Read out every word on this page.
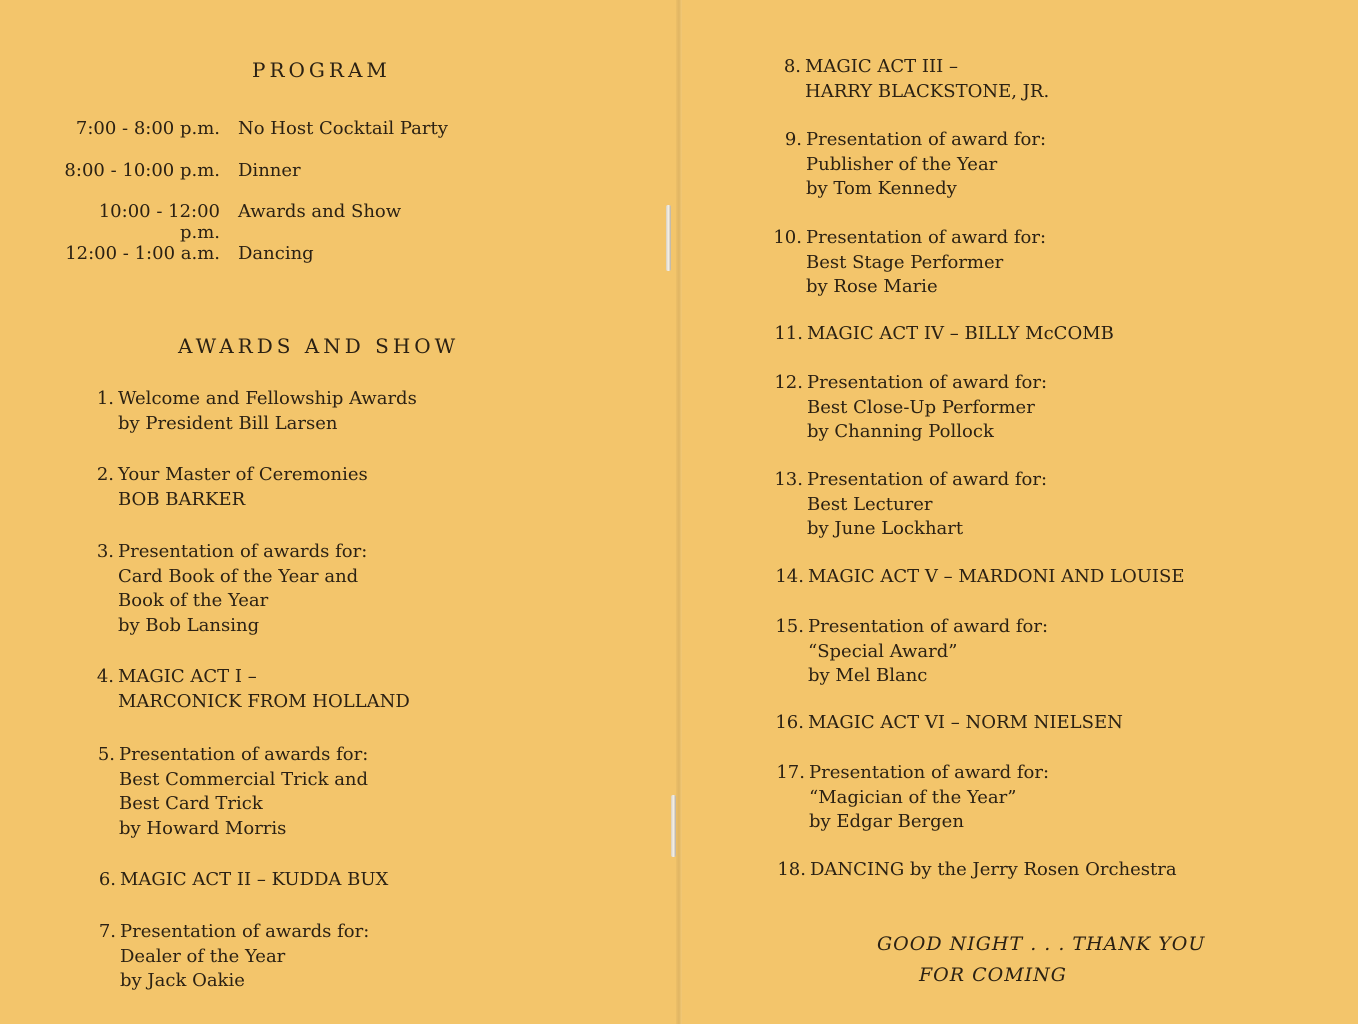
PROGRAM
7:00 - 8:00 p.m. No Host Cocktail Party
8:00 - 10:00 p.m. Dinner
10:00 - 12:00 p.m.
Awards and Show
12:00 - 1:00 a.m. Dancing
AWARDS AND SHOW
1. Welcome and Fellowship Awards
by President Bill Larsen
2. Your Master of Ceremonies
BOB BARKER
3. Presentation of awards for:
Card Book of the Year and
Book of the Year
by Bob Lansing
4. MAGIC ACT I –
MARCONICK FROM HOLLAND
5. Presentation of awards for:
Best Commercial Trick and
Best Card Trick
by Howard Morris
6. MAGIC ACT II – KUDDA BUX
7. Presentation of awards for:
Dealer of the Year
by Jack Oakie
8. MAGIC ACT III –
HARRY BLACKSTONE, JR.
9. Presentation of award for:
Publisher of the Year
by Tom Kennedy
10. Presentation of award for:
Best Stage Performer
by Rose Marie
11. MAGIC ACT IV – BILLY McCOMB
12. Presentation of award for:
Best Close-Up Performer
by Channing Pollock
13. Presentation of award for:
Best Lecturer
by June Lockhart
14. MAGIC ACT V – MARDONI AND LOUISE
15. Presentation of award for:
“Special Award”
by Mel Blanc
16. MAGIC ACT VI – NORM NIELSEN
17. Presentation of award for:
“Magician of the Year”
by Edgar Bergen
18. DANCING by the Jerry Rosen Orchestra
GOOD NIGHT . . . THANK YOU
FOR COMING
